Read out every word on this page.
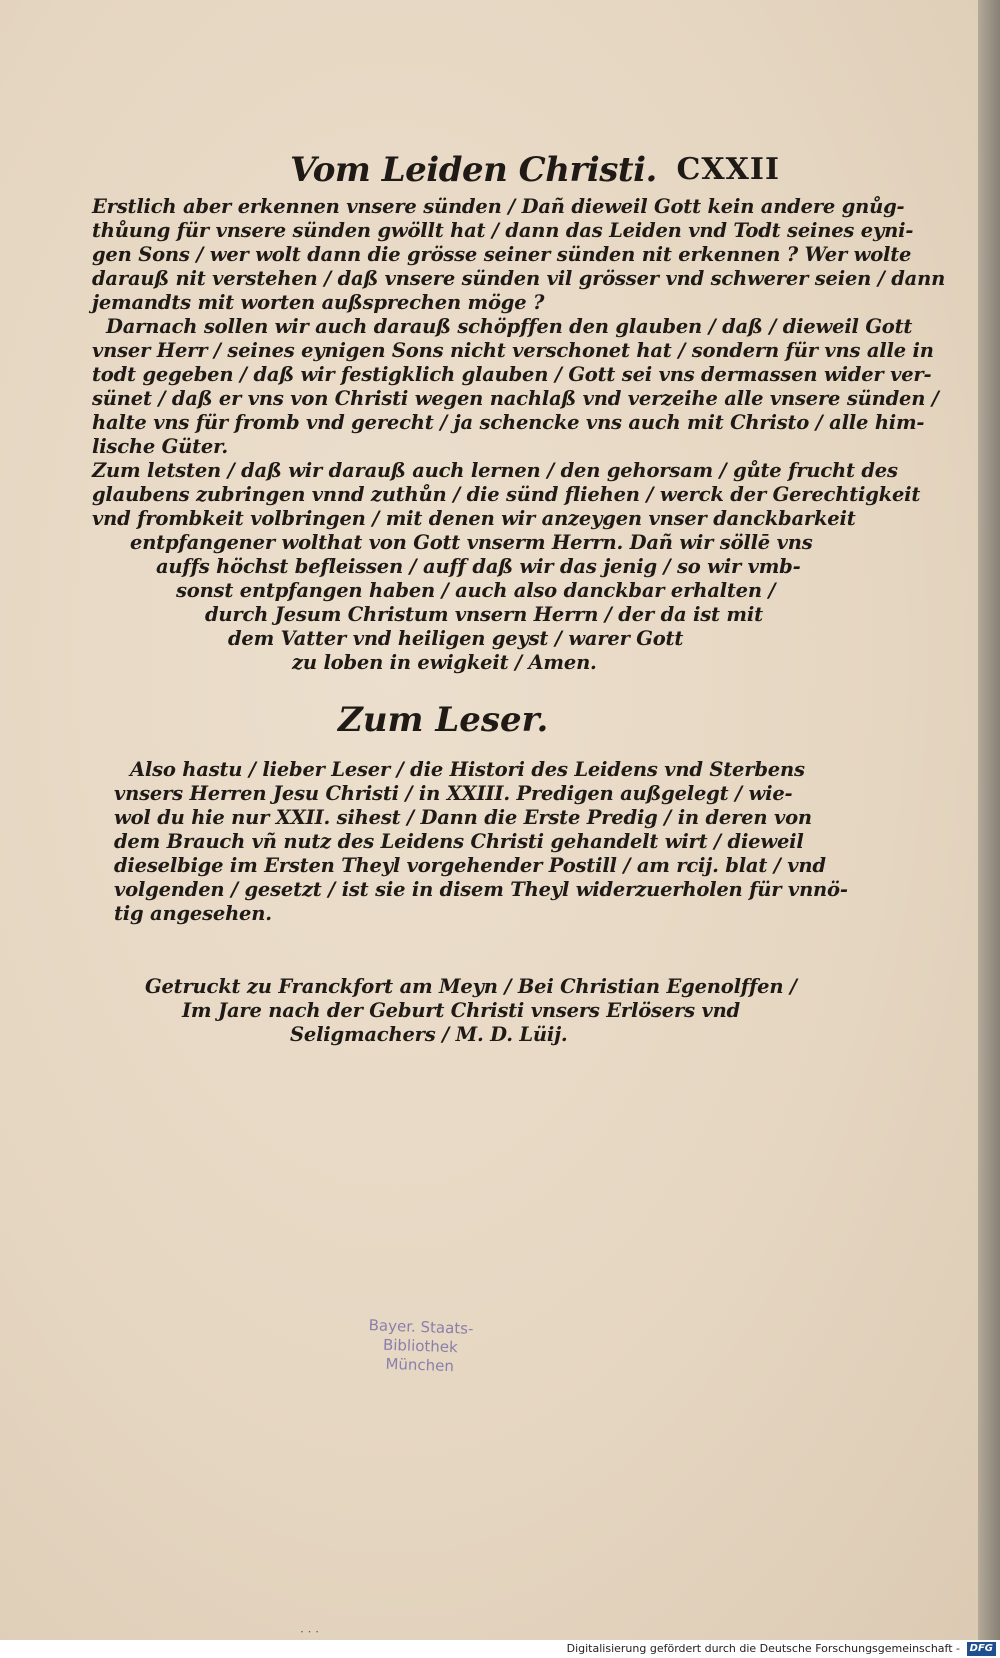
Vom Leiden Christi. CXXII
Erstlich aber erkennen vnsere sünden / Dañ dieweil Gott kein andere gnůg-
thůung für vnsere sünden gwöllt hat / dann das Leiden vnd Todt seines eyni-
gen Sons / wer wolt dann die grösse seiner sünden nit erkennen ? Wer wolte
darauß nit verstehen / daß vnsere sünden vil grösser vnd schwerer seien / dann
jemandts mit worten außsprechen möge ?
Darnach sollen wir auch darauß schöpffen den glauben / daß / dieweil Gott
vnser Herr / seines eynigen Sons nicht verschonet hat / sondern für vns alle in
todt gegeben / daß wir festigklich glauben / Gott sei vns dermassen wider ver-
sünet / daß er vns von Christi wegen nachlaß vnd verzeihe alle vnsere sünden /
halte vns für fromb vnd gerecht / ja schencke vns auch mit Christo / alle him-
lische Güter.
Zum letsten / daß wir darauß auch lernen / den gehorsam / gůte frucht des
glaubens zubringen vnnd zuthůn / die sünd fliehen / werck der Gerechtigkeit
vnd frombkeit volbringen / mit denen wir anzeygen vnser danckbarkeit
entpfangener wolthat von Gott vnserm Herrn. Dañ wir söllē vns
auffs höchst befleissen / auff daß wir das jenig / so wir vmb-
sonst entpfangen haben / auch also danckbar erhalten /
durch Jesum Christum vnsern Herrn / der da ist mit
dem Vatter vnd heiligen geyst / warer Gott
zu loben in ewigkeit / Amen.
Zum Leser.
Also hastu / lieber Leser / die Histori des Leidens vnd Sterbens
vnsers Herren Jesu Christi / in XXIII. Predigen außgelegt / wie-
wol du hie nur XXII. sihest / Dann die Erste Predig / in deren von
dem Brauch vñ nutz des Leidens Christi gehandelt wirt / dieweil
dieselbige im Ersten Theyl vorgehender Postill / am rcij. blat / vnd
volgenden / gesetzt / ist sie in disem Theyl widerzuerholen für vnnö-
tig angesehen.
Getruckt zu Franckfort am Meyn / Bei Christian Egenolffen /
Im Jare nach der Geburt Christi vnsers Erlösers vnd
Seligmachers / M. D. Lüij.
Bayer. Staats-
Bibliothek
München
· · ·
Digitalisierung gefördert durch die Deutsche Forschungsgemeinschaft - DFG
